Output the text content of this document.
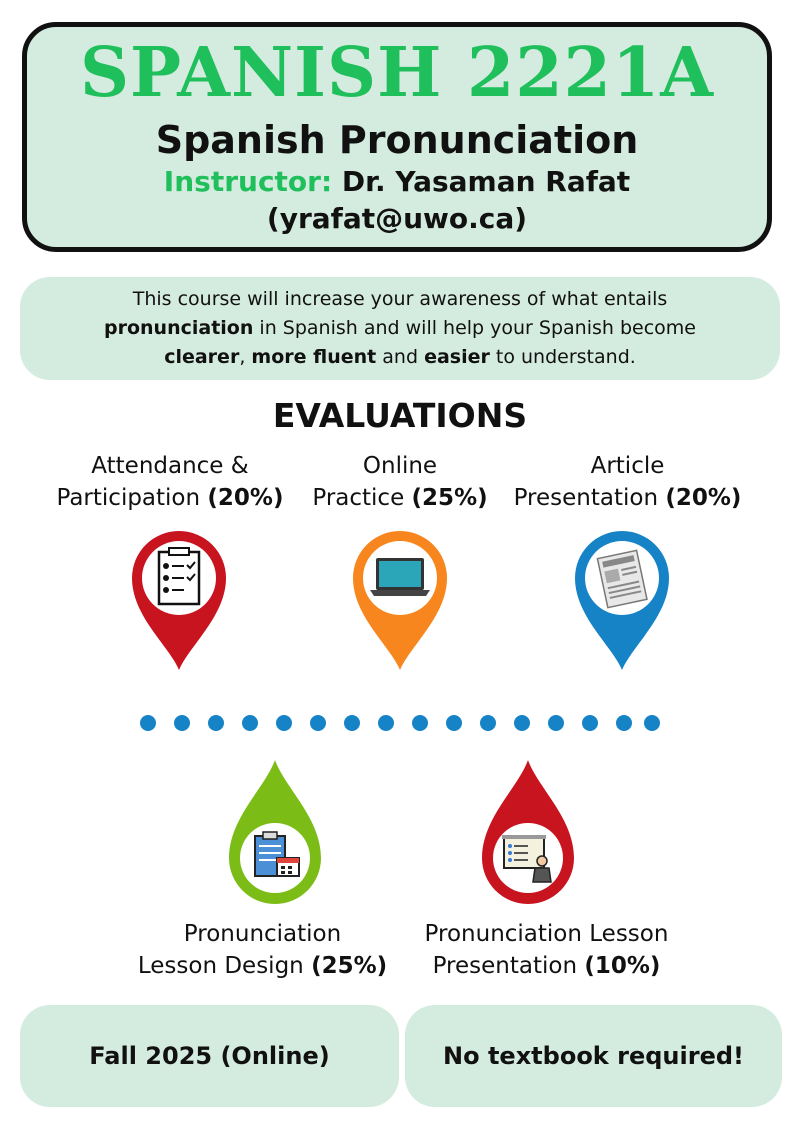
SPANISH 2221A
Spanish Pronunciation
Instructor: Dr. Yasaman Rafat
(yrafat@uwo.ca)
This course will increase your awareness of what entails
pronunciation in Spanish and will help your Spanish become
clearer, more fluent and easier to understand.
EVALUATIONS
Attendance &
Participation (20%)
Online
Practice (25%)
Article
Presentation (20%)
Pronunciation
Lesson Design (25%)
Pronunciation Lesson
Presentation (10%)
Fall 2025 (Online)	No textbook required!
